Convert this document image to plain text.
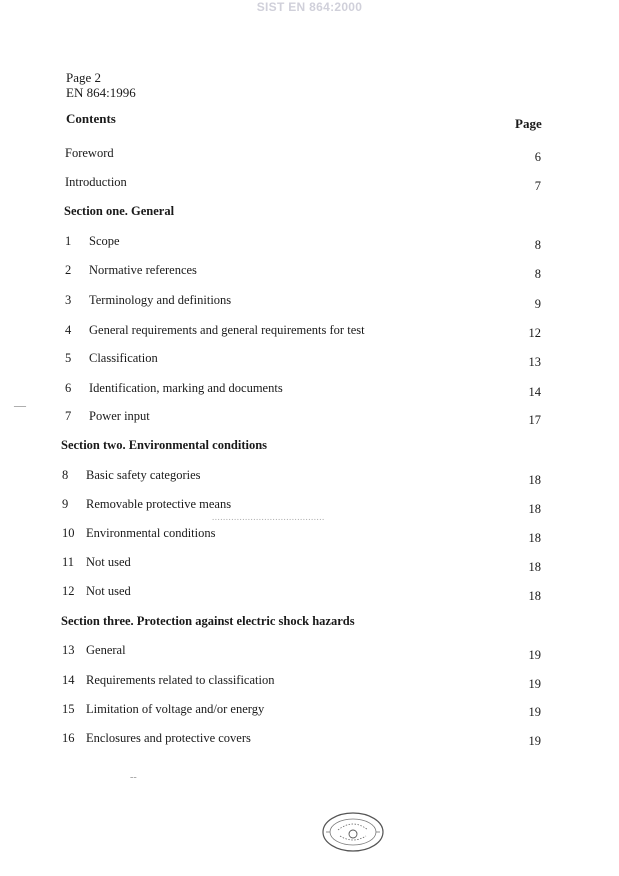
SIST EN 864:2000
Page 2
EN 864:1996
Contents	Page
Foreword	6
Introduction	7
Section one. General
1 Scope	8
2 Normative references	8
3 Terminology and definitions	9
4 General requirements and general requirements for test	12
5 Classification	13
6 Identification, marking and documents	14
7 Power input	17
Section two. Environmental conditions
8 Basic safety categories	18
9 Removable protective means	18
10 Environmental conditions	18
11 Not used	18
12 Not used	18
Section three. Protection against electric shock hazards
13 General	19
14 Requirements related to classification	19
15 Limitation of voltage and/or energy	19
16 Enclosures and protective covers	19
—
.........................................
--
